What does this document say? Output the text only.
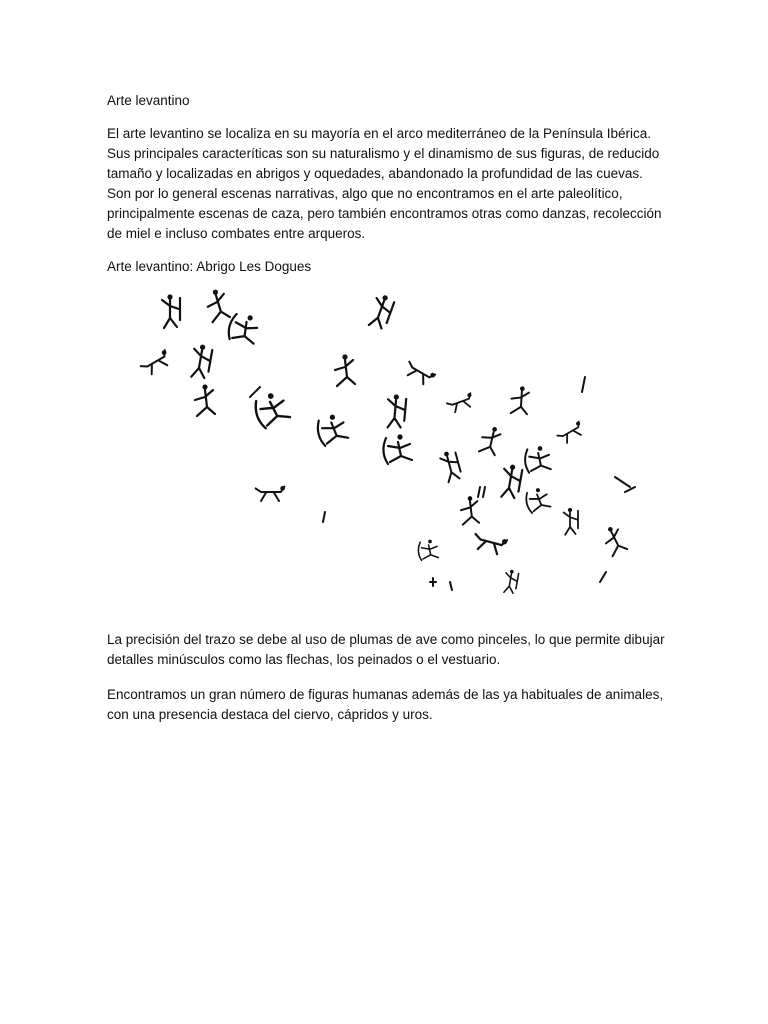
Arte levantino

El arte levantino se localiza en su mayoría en el arco mediterráneo de la Península Ibérica. Sus principales caracteríticas son su naturalismo y el dinamismo de sus figuras, de reducido tamaño y localizadas en abrigos y oquedades, abandonado la profundidad de las cuevas. Son por lo general escenas narrativas, algo que no encontramos en el arte paleolítico, principalmente escenas de caza, pero también encontramos otras como danzas, recolección de miel e incluso combates entre arqueros.

Arte levantino: Abrigo Les Dogues

La precisión del trazo se debe al uso de plumas de ave como pinceles, lo que permite dibujar detalles minúsculos como las flechas, los peinados o el vestuario.

Encontramos un gran número de figuras humanas además de las ya habituales de animales, con una presencia destaca del ciervo, cápridos y uros.
